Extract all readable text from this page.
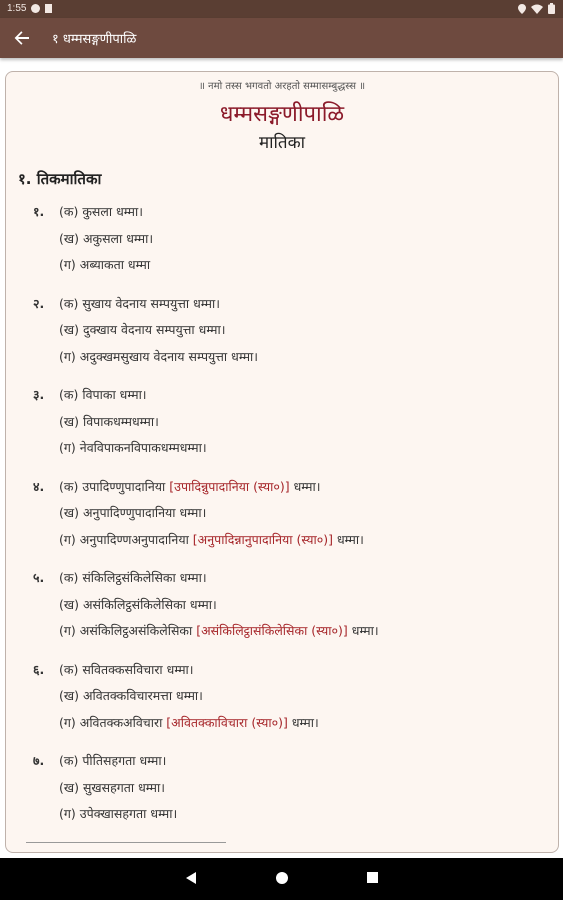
1:55
१ धम्मसङ्गणीपाळि
॥ नमो तस्स भगवतो अरहतो सम्मासम्बुद्धस्स ॥
धम्मसङ्गणीपाळि
मातिका
१. तिकमातिका
१. (क) कुसला धम्मा।
(ख) अकुसला धम्मा।
(ग) अब्याकता धम्मा
२. (क) सुखाय वेदनाय सम्पयुत्ता धम्मा।
(ख) दुक्खाय वेदनाय सम्पयुत्ता धम्मा।
(ग) अदुक्खमसुखाय वेदनाय सम्पयुत्ता धम्मा।
३. (क) विपाका धम्मा।
(ख) विपाकधम्मधम्मा।
(ग) नेवविपाकनविपाकधम्मधम्मा।
४. (क) उपादिण्णुपादानिया [उपादिन्नुपादानिया (स्या०)] धम्मा।
(ख) अनुपादिण्णुपादानिया धम्मा।
(ग) अनुपादिण्णअनुपादानिया [अनुपादिन्नानुपादानिया (स्या०)] धम्मा।
५. (क) संकिलिट्ठसंकिलेसिका धम्मा।
(ख) असंकिलिट्ठसंकिलेसिका धम्मा।
(ग) असंकिलिट्ठअसंकिलेसिका [असंकिलिट्ठासंकिलेसिका (स्या०)] धम्मा।
६. (क) सवितक्कसविचारा धम्मा।
(ख) अवितक्कविचारमत्ता धम्मा।
(ग) अवितक्कअविचारा [अवितक्काविचारा (स्या०)] धम्मा।
७. (क) पीतिसहगता धम्मा।
(ख) सुखसहगता धम्मा।
(ग) उपेक्खासहगता धम्मा।
